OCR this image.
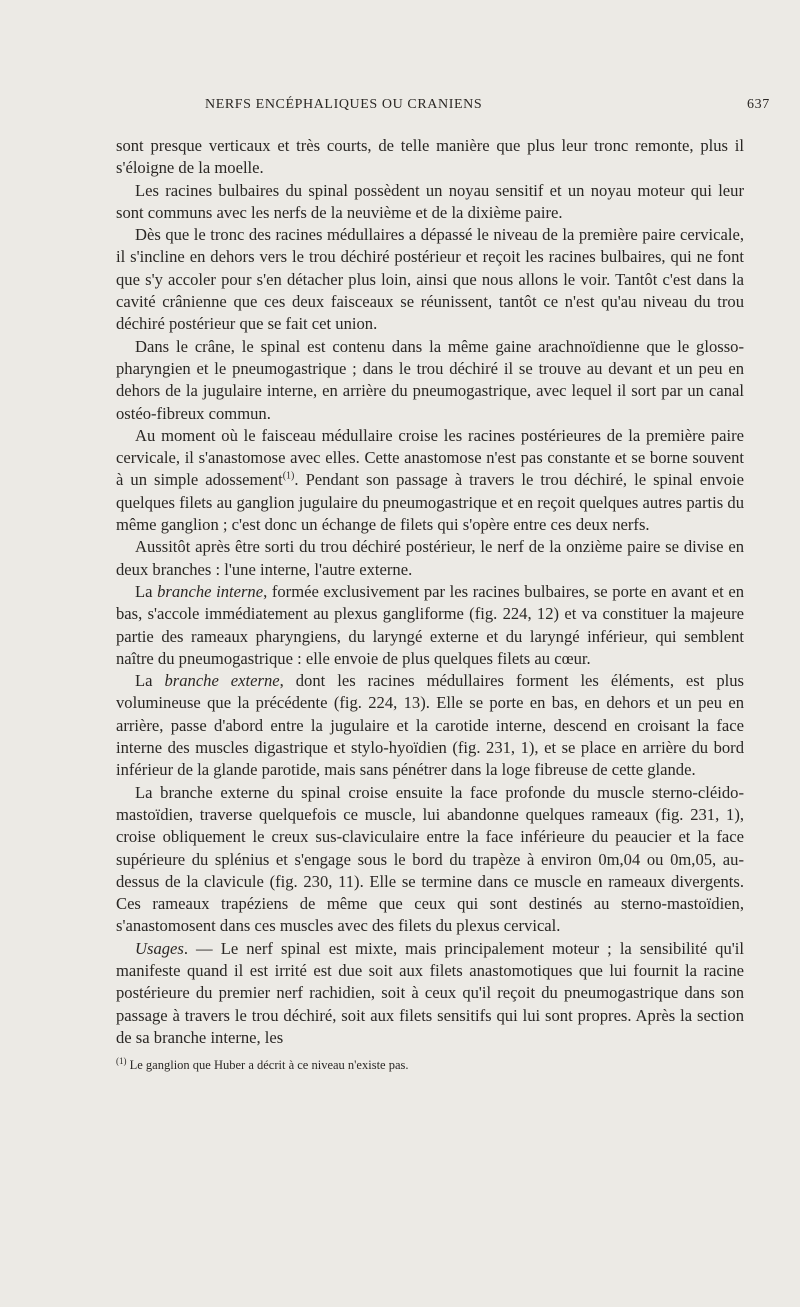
NERFS ENCÉPHALIQUES OU CRANIENS	637

sont presque verticaux et très courts, de telle manière que plus leur tronc remonte, plus il s'éloigne de la moelle.

Les racines bulbaires du spinal possèdent un noyau sensitif et un noyau moteur qui leur sont communs avec les nerfs de la neuvième et de la dixième paire.

Dès que le tronc des racines médullaires a dépassé le niveau de la première paire cervicale, il s'incline en dehors vers le trou déchiré postérieur et reçoit les racines bulbaires, qui ne font que s'y accoler pour s'en détacher plus loin, ainsi que nous allons le voir. Tantôt c'est dans la cavité crânienne que ces deux faisceaux se réunissent, tantôt ce n'est qu'au niveau du trou déchiré postérieur que se fait cet union.

Dans le crâne, le spinal est contenu dans la même gaine arachnoïdienne que le glosso-pharyngien et le pneumogastrique ; dans le trou déchiré il se trouve au devant et un peu en dehors de la jugulaire interne, en arrière du pneumogastrique, avec lequel il sort par un canal ostéo-fibreux commun.

Au moment où le faisceau médullaire croise les racines postérieures de la première paire cervicale, il s'anastomose avec elles. Cette anastomose n'est pas constante et se borne souvent à un simple adossement$^{(1)}$. Pendant son passage à travers le trou déchiré, le spinal envoie quelques filets au ganglion jugulaire du pneumogastrique et en reçoit quelques autres partis du même ganglion ; c'est donc un échange de filets qui s'opère entre ces deux nerfs.

Aussitôt après être sorti du trou déchiré postérieur, le nerf de la onzième paire se divise en deux branches : l'une interne, l'autre externe.

La branche interne, formée exclusivement par les racines bulbaires, se porte en avant et en bas, s'accole immédiatement au plexus gangliforme (fig. 224, 12) et va constituer la majeure partie des rameaux pharyngiens, du laryngé externe et du laryngé inférieur, qui semblent naître du pneumogastrique : elle envoie de plus quelques filets au cœur.

La branche externe, dont les racines médullaires forment les éléments, est plus volumineuse que la précédente (fig. 224, 13). Elle se porte en bas, en dehors et un peu en arrière, passe d'abord entre la jugulaire et la carotide interne, descend en croisant la face interne des muscles digastrique et stylo-hyoïdien (fig. 231, 1), et se place en arrière du bord inférieur de la glande parotide, mais sans pénétrer dans la loge fibreuse de cette glande.

La branche externe du spinal croise ensuite la face profonde du muscle sterno-cléido-mastoïdien, traverse quelquefois ce muscle, lui abandonne quelques rameaux (fig. 231, 1), croise obliquement le creux sus-claviculaire entre la face inférieure du peaucier et la face supérieure du splénius et s'engage sous le bord du trapèze à environ 0m,04 ou 0m,05, au-dessus de la clavicule (fig. 230, 11). Elle se termine dans ce muscle en rameaux divergents. Ces rameaux trapéziens de même que ceux qui sont destinés au sterno-mastoïdien, s'anastomosent dans ces muscles avec des filets du plexus cervical.

Usages. — Le nerf spinal est mixte, mais principalement moteur ; la sensibilité qu'il manifeste quand il est irrité est due soit aux filets anastomotiques que lui fournit la racine postérieure du premier nerf rachidien, soit à ceux qu'il reçoit du pneumogastrique dans son passage à travers le trou déchiré, soit aux filets sensitifs qui lui sont propres. Après la section de sa branche interne, les

$^{(1)}$ Le ganglion que Huber a décrit à ce niveau n'existe pas.
